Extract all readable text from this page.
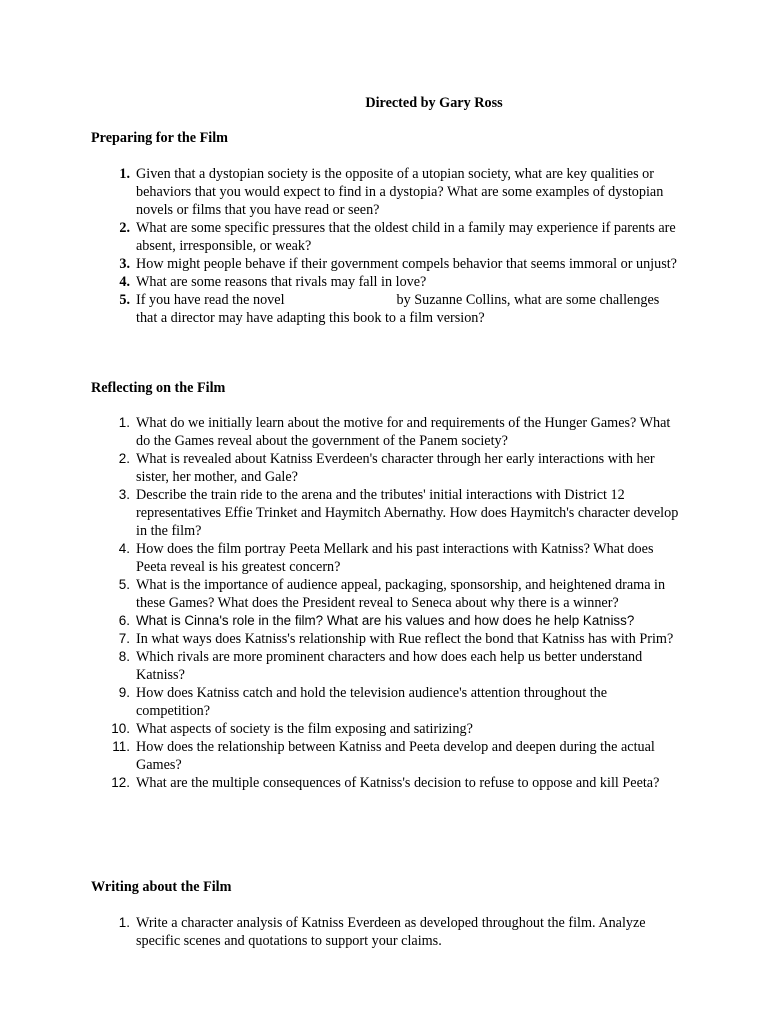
Directed by Gary Ross
Preparing for the Film
1. Given that a dystopian society is the opposite of a utopian society, what are key qualities or behaviors that you would expect to find in a dystopia? What are some examples of dystopian novels or films that you have read or seen?
2. What are some specific pressures that the oldest child in a family may experience if parents are absent, irresponsible, or weak?
3. How might people behave if their government compels behavior that seems immoral or unjust?
4. What are some reasons that rivals may fall in love?
5. If you have read the novel	by Suzanne Collins, what are some challenges that a director may have adapting this book to a film version?
Reflecting on the Film
1. What do we initially learn about the motive for and requirements of the Hunger Games? What do the Games reveal about the government of the Panem society?
2. What is revealed about Katniss Everdeen's character through her early interactions with her sister, her mother, and Gale?
3. Describe the train ride to the arena and the tributes' initial interactions with District 12 representatives Effie Trinket and Haymitch Abernathy. How does Haymitch's character develop in the film?
4. How does the film portray Peeta Mellark and his past interactions with Katniss? What does Peeta reveal is his greatest concern?
5. What is the importance of audience appeal, packaging, sponsorship, and heightened drama in these Games? What does the President reveal to Seneca about why there is a winner?
6. What is Cinna's role in the film? What are his values and how does he help Katniss?
7. In what ways does Katniss's relationship with Rue reflect the bond that Katniss has with Prim?
8. Which rivals are more prominent characters and how does each help us better understand Katniss?
9. How does Katniss catch and hold the television audience's attention throughout the competition?
10. What aspects of society is the film exposing and satirizing?
11. How does the relationship between Katniss and Peeta develop and deepen during the actual Games?
12. What are the multiple consequences of Katniss's decision to refuse to oppose and kill Peeta?
Writing about the Film
1. Write a character analysis of Katniss Everdeen as developed throughout the film. Analyze specific scenes and quotations to support your claims.
